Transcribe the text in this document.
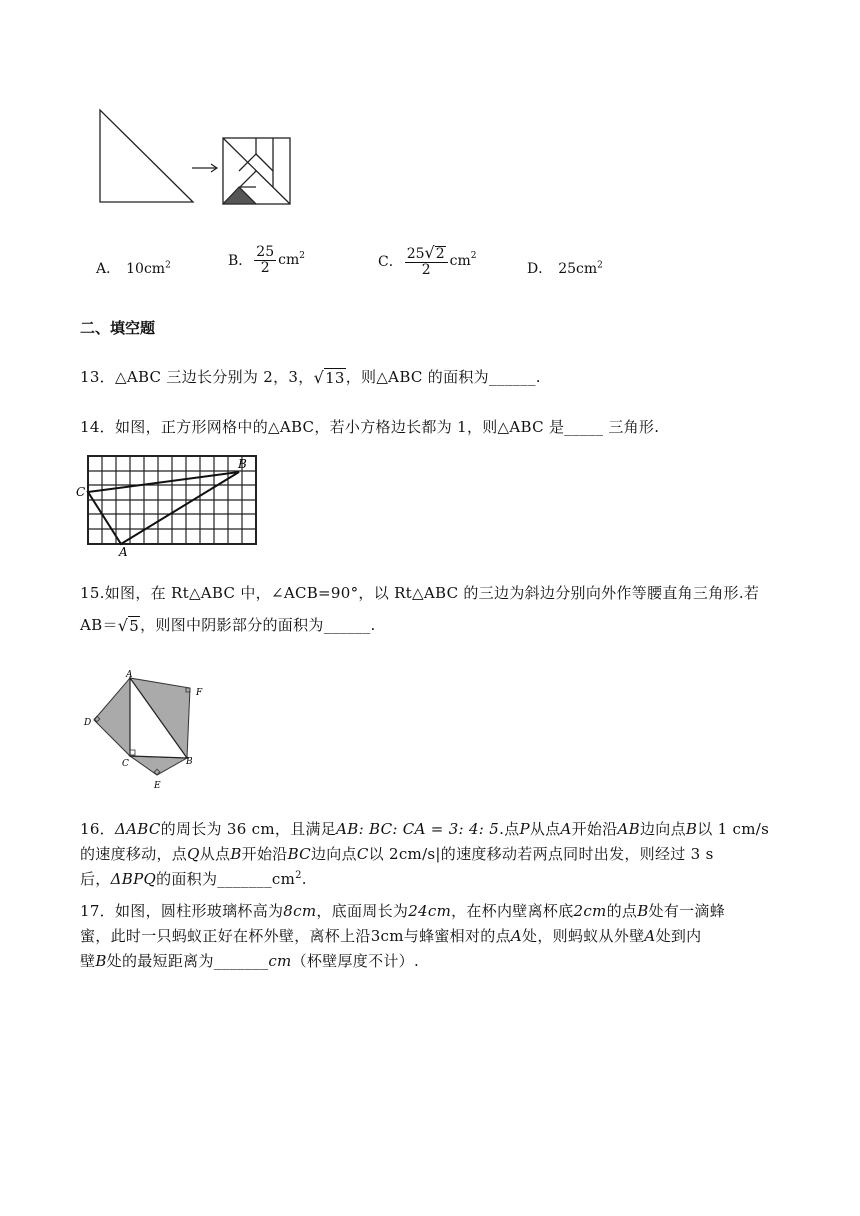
A． $10cm^2$	B． $\frac{25}{2} cm^2$	C． $\frac{25 √ 2}{2} cm^2$
D． $25cm^2$
二、填空题
13．△ABC 三边长分别为 2，3， √ 13 ，则△ABC 的面积为______.
14．如图，正方形网格中的△ABC，若小方格边长都为 1，则△ABC 是_____ 三角形.
A
B
C
15.如图，在 Rt△ABC 中，∠ACB=90°，以 Rt△ABC 的三边为斜边分别向外作等腰直角三角形.若
AB＝ √ 5 ，则图中阴影部分的面积为______.
A
B
C
D
E
F
16．ΔABC的周长为 36 cm，且满足AB: BC: CA = 3: 4: 5.点P从点A开始沿AB边向点B以 1 cm/s
的速度移动，点Q从点B开始沿BC边向点C以 2cm/s|的速度移动若两点同时出发，则经过 3 s
后，ΔBPQ的面积为$\_\_\_\_\_\_\_cm^2$.
17．如图，圆柱形玻璃杯高为8cm，底面周长为24cm，在杯内壁离杯底2cm的点B处有一滴蜂
蜜，此时一只蚂蚁正好在杯外壁，离杯上沿3cm与蜂蜜相对的点A处，则蚂蚁从外壁A处到内
壁B处的最短距离为_______cm（杯壁厚度不计）.
